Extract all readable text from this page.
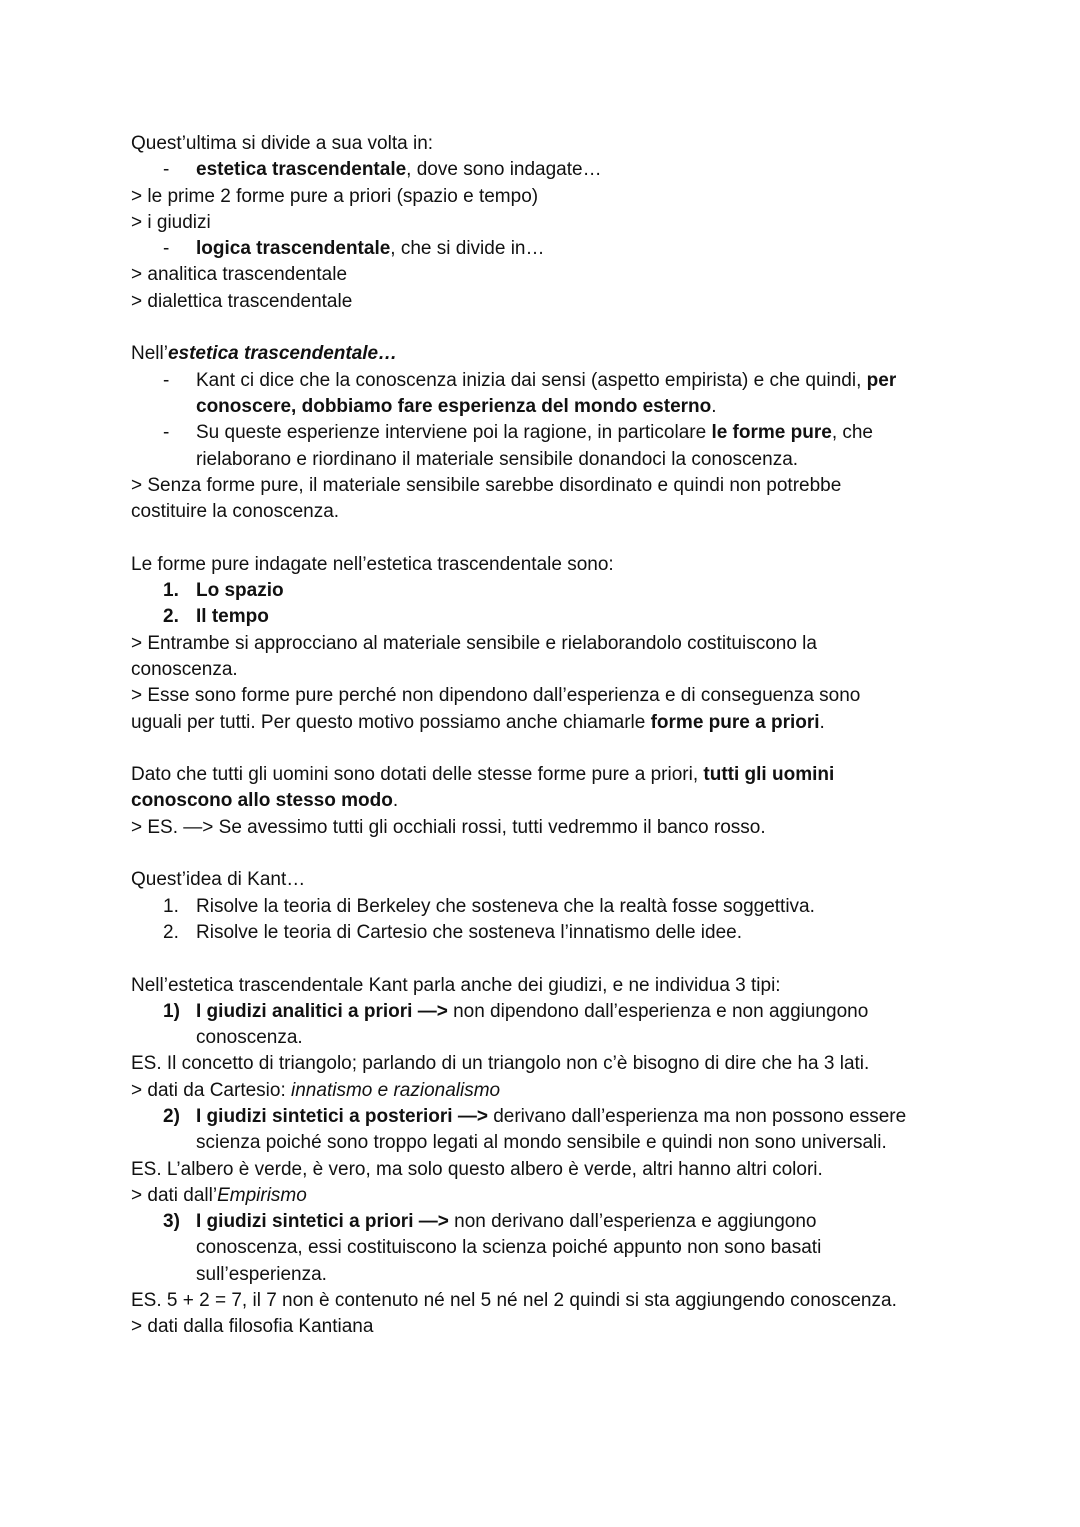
Quest’ultima si divide a sua volta in:
- estetica trascendentale, dove sono indagate…
> le prime 2 forme pure a priori (spazio e tempo)
> i giudizi
- logica trascendentale, che si divide in…
> analitica trascendentale
> dialettica trascendentale
Nell’estetica trascendentale…
- Kant ci dice che la conoscenza inizia dai sensi (aspetto empirista) e che quindi, per
conoscere, dobbiamo fare esperienza del mondo esterno.
- Su queste esperienze interviene poi la ragione, in particolare le forme pure, che
rielaborano e riordinano il materiale sensibile donandoci la conoscenza.
> Senza forme pure, il materiale sensibile sarebbe disordinato e quindi non potrebbe
costituire la conoscenza.
Le forme pure indagate nell’estetica trascendentale sono:
1. Lo spazio
2. Il tempo
> Entrambe si approcciano al materiale sensibile e rielaborandolo costituiscono la
conoscenza.
> Esse sono forme pure perché non dipendono dall’esperienza e di conseguenza sono
uguali per tutti. Per questo motivo possiamo anche chiamarle forme pure a priori.
Dato che tutti gli uomini sono dotati delle stesse forme pure a priori, tutti gli uomini
conoscono allo stesso modo.
> ES. —> Se avessimo tutti gli occhiali rossi, tutti vedremmo il banco rosso.
Quest’idea di Kant…
1. Risolve la teoria di Berkeley che sosteneva che la realtà fosse soggettiva.
2. Risolve le teoria di Cartesio che sosteneva l’innatismo delle idee.
Nell’estetica trascendentale Kant parla anche dei giudizi, e ne individua 3 tipi:
1) I giudizi analitici a priori —> non dipendono dall’esperienza e non aggiungono
conoscenza.
ES. Il concetto di triangolo; parlando di un triangolo non c’è bisogno di dire che ha 3 lati.
> dati da Cartesio: innatismo e razionalismo
2) I giudizi sintetici a posteriori —> derivano dall’esperienza ma non possono essere
scienza poiché sono troppo legati al mondo sensibile e quindi non sono universali.
ES. L’albero è verde, è vero, ma solo questo albero è verde, altri hanno altri colori.
> dati dall’Empirismo
3) I giudizi sintetici a priori —> non derivano dall’esperienza e aggiungono
conoscenza, essi costituiscono la scienza poiché appunto non sono basati
sull’esperienza.
ES. 5 + 2 = 7, il 7 non è contenuto né nel 5 né nel 2 quindi si sta aggiungendo conoscenza.
> dati dalla filosofia Kantiana
